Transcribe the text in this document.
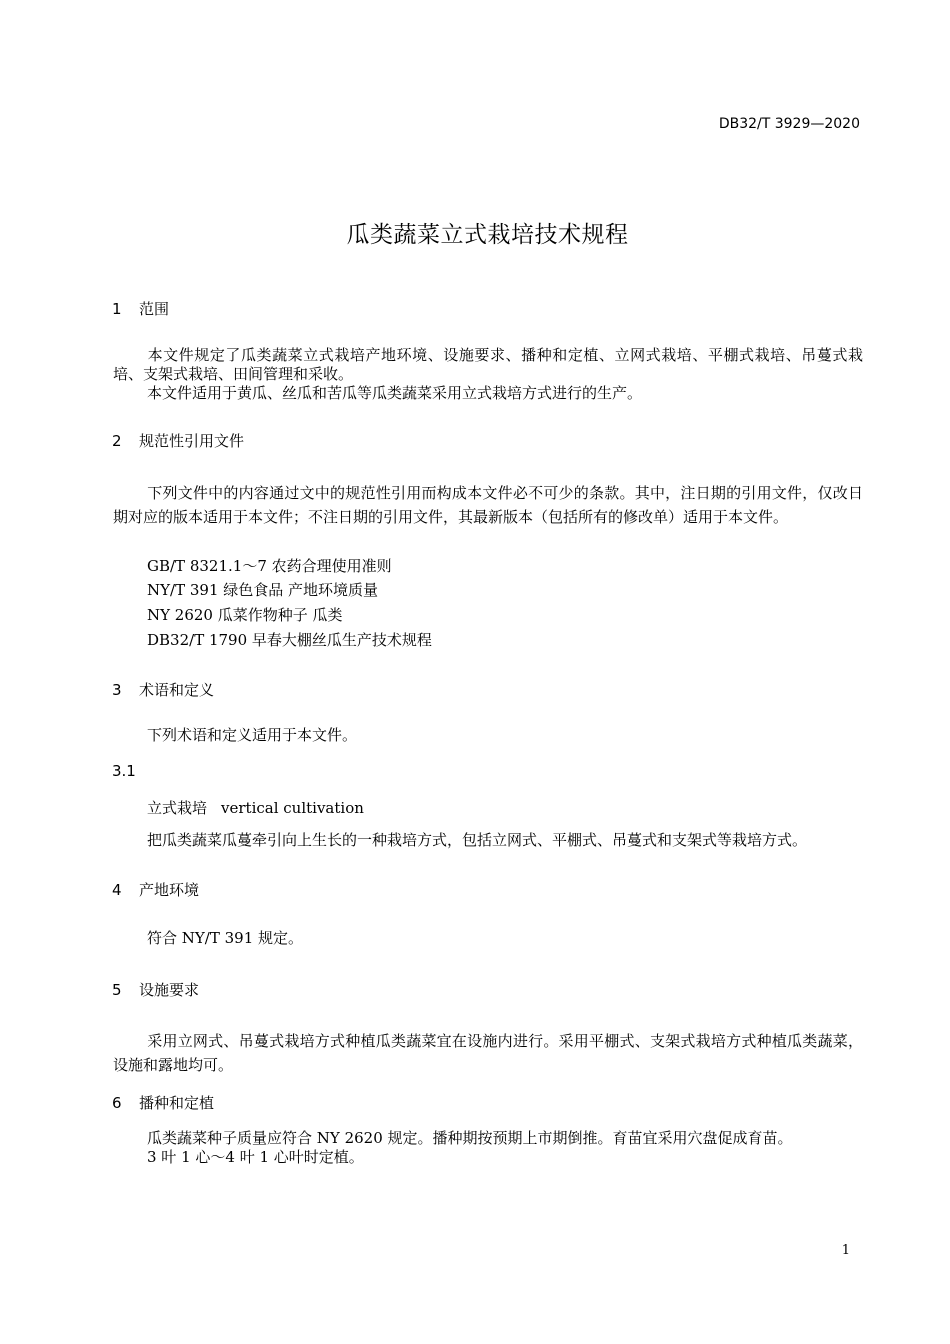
DB32/T 3929—2020
瓜类蔬菜立式栽培技术规程
1 范围
本文件规定了瓜类蔬菜立式栽培产地环境、设施要求、播种和定植、立网式栽培、平棚式栽培、吊蔓式栽培、支架式栽培、田间管理和采收。
本文件适用于黄瓜、丝瓜和苦瓜等瓜类蔬菜采用立式栽培方式进行的生产。
2 规范性引用文件
下列文件中的内容通过文中的规范性引用而构成本文件必不可少的条款。其中，注日期的引用文件，仅改日期对应的版本适用于本文件；不注日期的引用文件，其最新版本（包括所有的修改单）适用于本文件。
GB/T 8321.1～7 农药合理使用准则
NY/T 391 绿色食品 产地环境质量
NY 2620 瓜菜作物种子 瓜类
DB32/T 1790 早春大棚丝瓜生产技术规程
3 术语和定义
下列术语和定义适用于本文件。
3.1
立式栽培 vertical cultivation
把瓜类蔬菜瓜蔓牵引向上生长的一种栽培方式，包括立网式、平棚式、吊蔓式和支架式等栽培方式。
4 产地环境
符合 NY/T 391 规定。
5 设施要求
采用立网式、吊蔓式栽培方式种植瓜类蔬菜宜在设施内进行。采用平棚式、支架式栽培方式种植瓜类蔬菜，设施和露地均可。
6 播种和定植
瓜类蔬菜种子质量应符合 NY 2620 规定。播种期按预期上市期倒推。育苗宜采用穴盘促成育苗。
3 叶 1 心～4 叶 1 心叶时定植。
1
